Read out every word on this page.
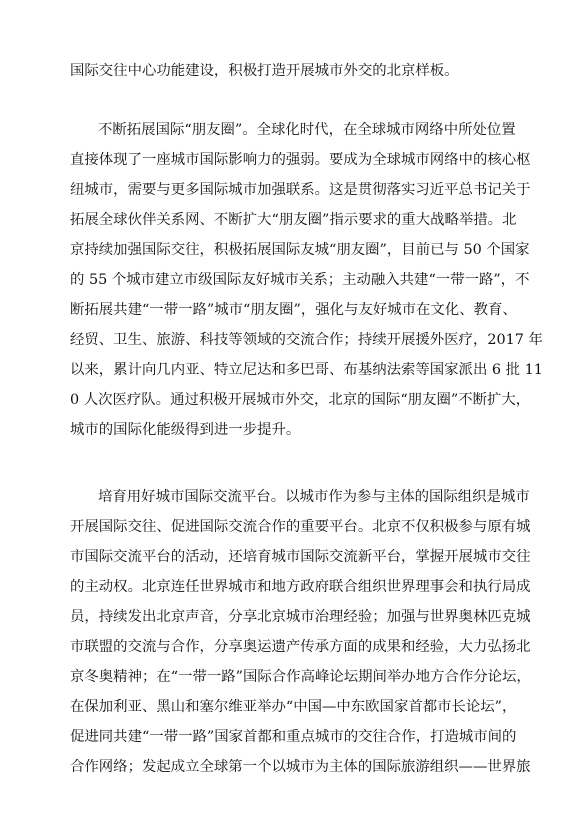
国际交往中心功能建设，积极打造开展城市外交的北京样板。
不断拓展国际“朋友圈”。全球化时代，在全球城市网络中所处位置
直接体现了一座城市国际影响力的强弱。要成为全球城市网络中的核心枢
纽城市，需要与更多国际城市加强联系。这是贯彻落实习近平总书记关于
拓展全球伙伴关系网、不断扩大“朋友圈”指示要求的重大战略举措。北
京持续加强国际交往，积极拓展国际友城“朋友圈”，目前已与 50 个国家
的 55 个城市建立市级国际友好城市关系；主动融入共建“一带一路”，不
断拓展共建“一带一路”城市“朋友圈”，强化与友好城市在文化、教育、
经贸、卫生、旅游、科技等领域的交流合作；持续开展援外医疗，2017 年
以来，累计向几内亚、特立尼达和多巴哥、布基纳法索等国家派出 6 批 11
0 人次医疗队。通过积极开展城市外交，北京的国际“朋友圈”不断扩大，
城市的国际化能级得到进一步提升。
培育用好城市国际交流平台。以城市作为参与主体的国际组织是城市
开展国际交往、促进国际交流合作的重要平台。北京不仅积极参与原有城
市国际交流平台的活动，还培育城市国际交流新平台，掌握开展城市交往
的主动权。北京连任世界城市和地方政府联合组织世界理事会和执行局成
员，持续发出北京声音，分享北京城市治理经验；加强与世界奥林匹克城
市联盟的交流与合作，分享奥运遗产传承方面的成果和经验，大力弘扬北
京冬奥精神；在“一带一路”国际合作高峰论坛期间举办地方合作分论坛，
在保加利亚、黑山和塞尔维亚举办“中国—中东欧国家首都市长论坛”，
促进同共建“一带一路”国家首都和重点城市的交往合作，打造城市间的
合作网络；发起成立全球第一个以城市为主体的国际旅游组织——世界旅
